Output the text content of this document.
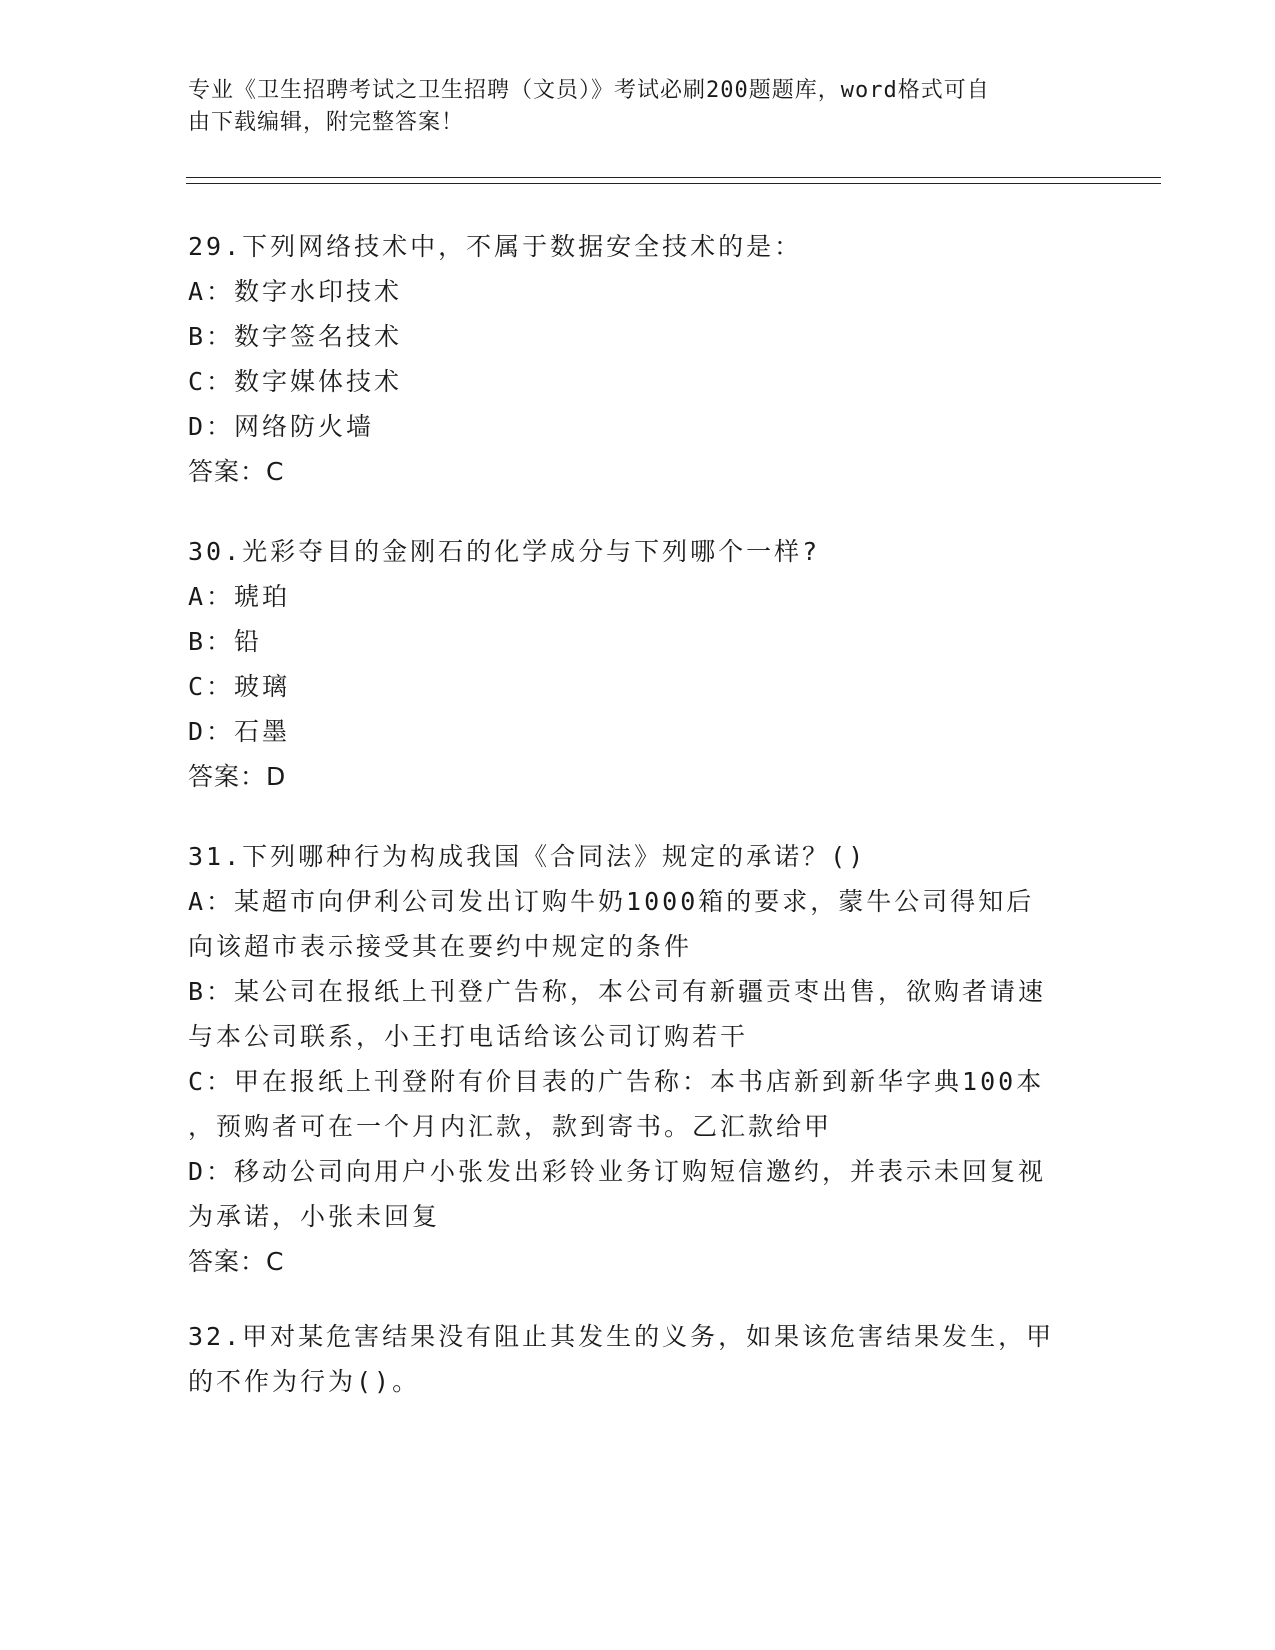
专业《卫生招聘考试之卫生招聘（文员）》考试必刷200题题库，word格式可自
由下载编辑，附完整答案！
29.下列网络技术中，不属于数据安全技术的是：
A：数字水印技术
B：数字签名技术
C：数字媒体技术
D：网络防火墙
答案：C
30.光彩夺目的金刚石的化学成分与下列哪个一样?
A：琥珀
B：铅
C：玻璃
D：石墨
答案：D
31.下列哪种行为构成我国《合同法》规定的承诺？()
A：某超市向伊利公司发出订购牛奶1000箱的要求，蒙牛公司得知后
向该超市表示接受其在要约中规定的条件
B：某公司在报纸上刊登广告称，本公司有新疆贡枣出售，欲购者请速
与本公司联系，小王打电话给该公司订购若干
C：甲在报纸上刊登附有价目表的广告称：本书店新到新华字典100本
，预购者可在一个月内汇款，款到寄书。乙汇款给甲
D：移动公司向用户小张发出彩铃业务订购短信邀约，并表示未回复视
为承诺，小张未回复
答案：C
32.甲对某危害结果没有阻止其发生的义务，如果该危害结果发生，甲
的不作为行为()。
